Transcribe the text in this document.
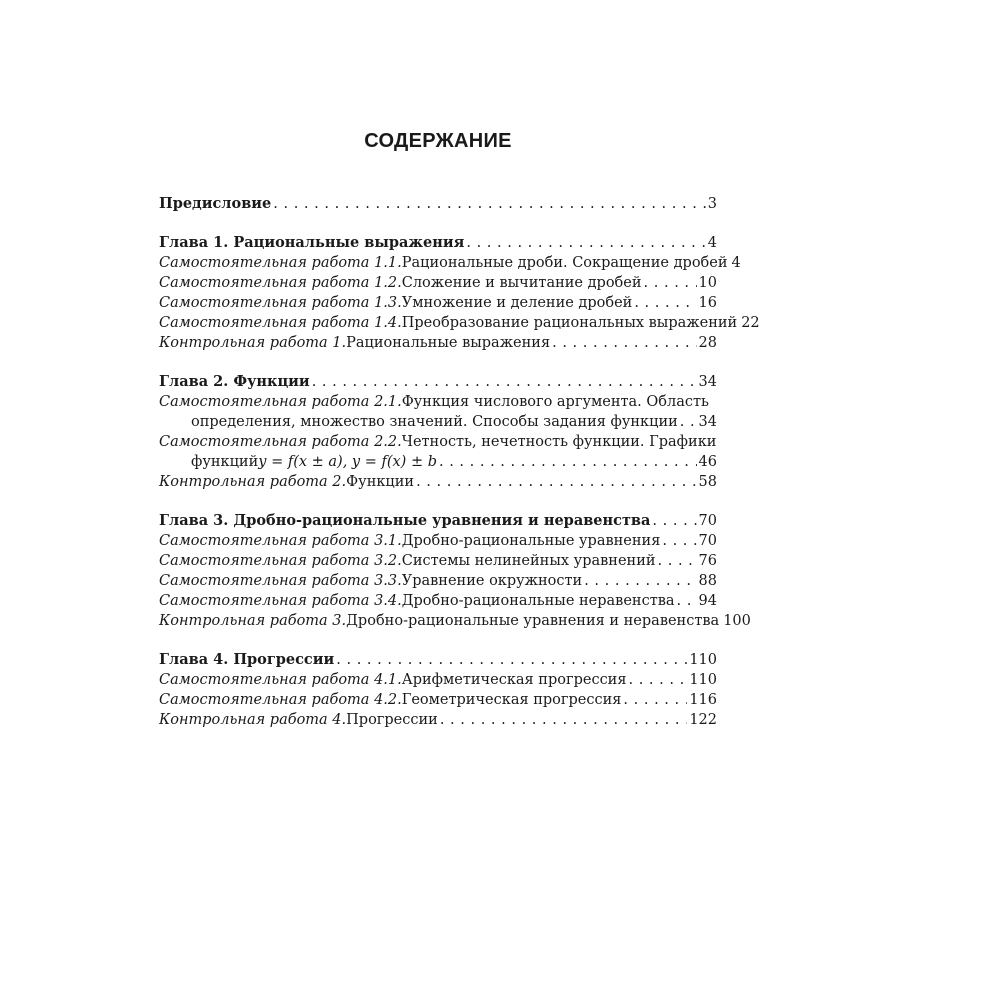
СОДЕРЖАНИЕ
Предисловие . . .	3
Глава 1. Рациональные выражения . . .	4
Самостоятельная работа 1.1. Рациональные дроби. Сокращение дробей 4
Самостоятельная работа 1.2. Сложение и вычитание дробей . . .	10
Самостоятельная работа 1.3. Умножение и деление дробей . . .	16
Самостоятельная работа 1.4. Преобразование рациональных выражений 22
Контрольная работа 1. Рациональные выражения . . .	28
Глава 2. Функции . . .	34
Самостоятельная работа 2.1. Функция числового аргумента. Область
определения, множество значений. Способы задания функции . . . 34
Самостоятельная работа 2.2. Четность, нечетность функции. Графики
функций y = f(x ± a), y = f(x) ± b . . .	46
Контрольная работа 2. Функции . . .	58
Глава 3. Дробно-рациональные уравнения и неравенства . . .	70
Самостоятельная работа 3.1. Дробно-рациональные уравнения . . .	70
Самостоятельная работа 3.2. Системы нелинейных уравнений . . .	76
Самостоятельная работа 3.3. Уравнение окружности . . .	88
Самостоятельная работа 3.4. Дробно-рациональные неравенства . . . 94
Контрольная работа 3. Дробно-рациональные уравнения и неравенства 100
Глава 4. Прогрессии . . .	110
Самостоятельная работа 4.1. Арифметическая прогрессия . . .	110
Самостоятельная работа 4.2. Геометрическая прогрессия . . .	116
Контрольная работа 4. Прогрессии . . .	122
